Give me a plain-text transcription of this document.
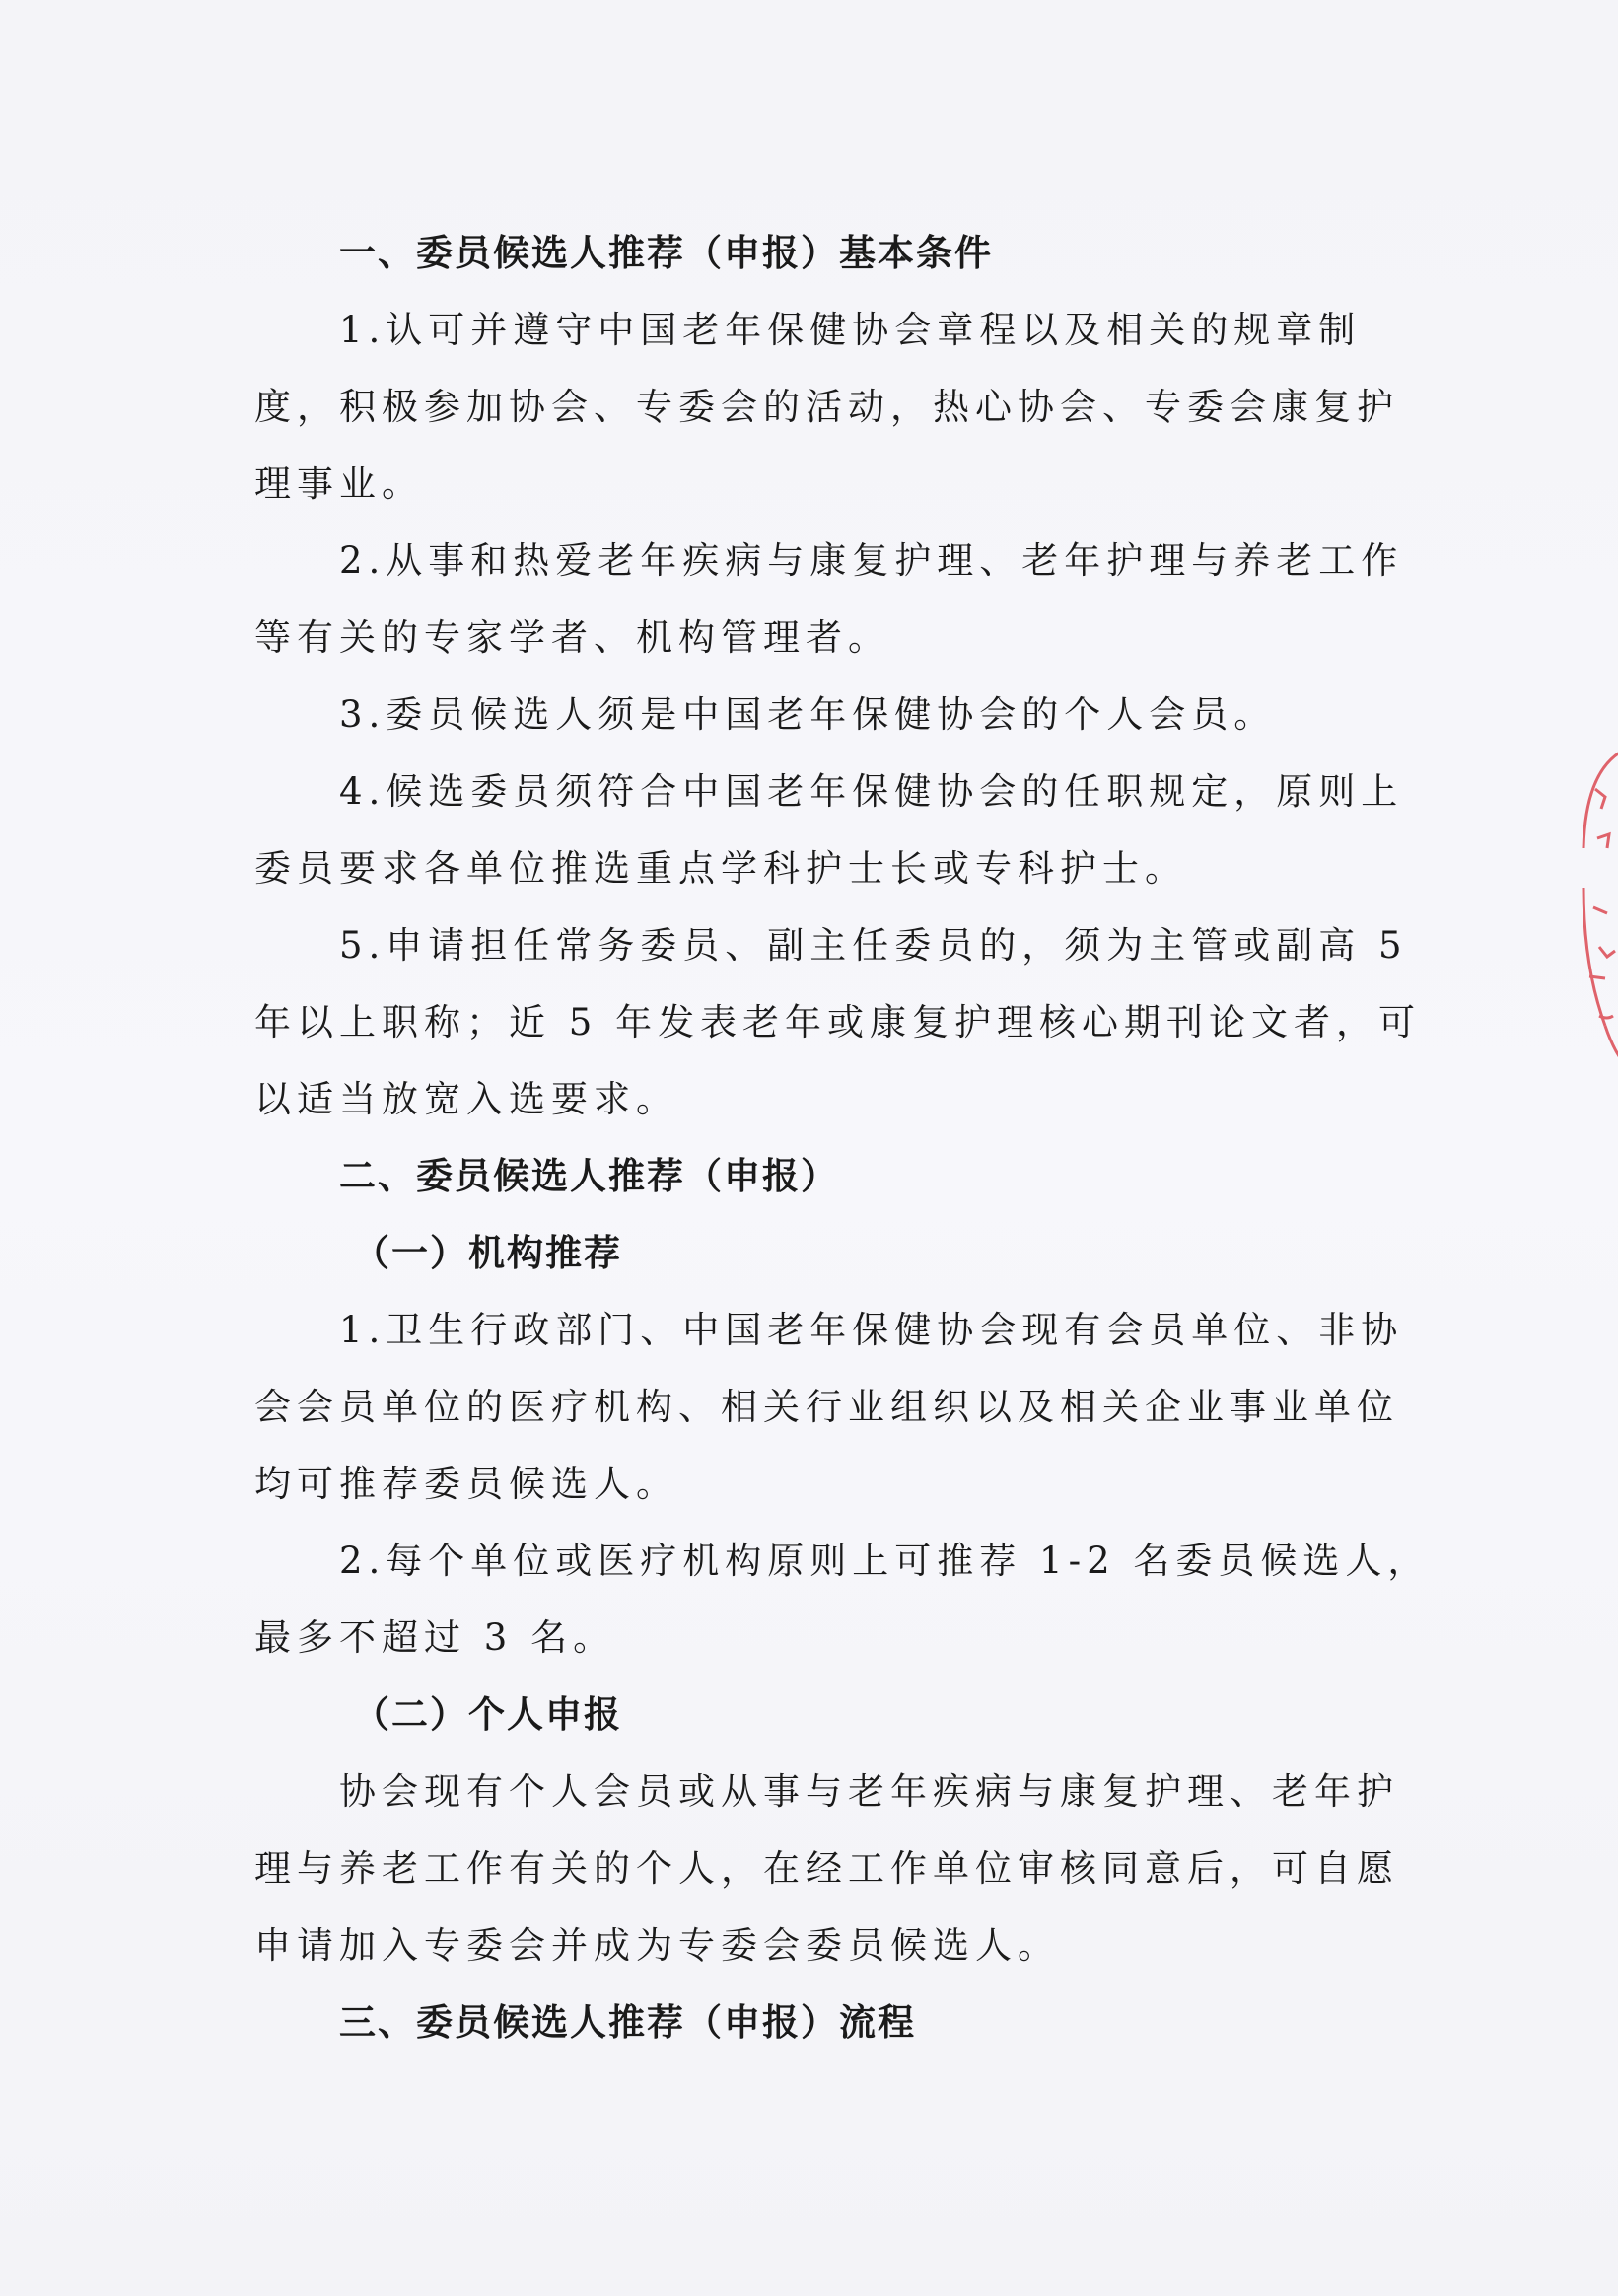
一、委员候选人推荐（申报）基本条件
1.认可并遵守中国老年保健协会章程以及相关的规章制
度，积极参加协会、专委会的活动，热心协会、专委会康复护
理事业。
2.从事和热爱老年疾病与康复护理、老年护理与养老工作
等有关的专家学者、机构管理者。
3.委员候选人须是中国老年保健协会的个人会员。
4.候选委员须符合中国老年保健协会的任职规定，原则上
委员要求各单位推选重点学科护士长或专科护士。
5.申请担任常务委员、副主任委员的，须为主管或副高 5
年以上职称；近 5 年发表老年或康复护理核心期刊论文者，可
以适当放宽入选要求。
二、委员候选人推荐（申报）
（一）机构推荐
1.卫生行政部门、中国老年保健协会现有会员单位、非协
会会员单位的医疗机构、相关行业组织以及相关企业事业单位
均可推荐委员候选人。
2.每个单位或医疗机构原则上可推荐 1-2 名委员候选人，
最多不超过 3 名。
（二）个人申报
协会现有个人会员或从事与老年疾病与康复护理、老年护
理与养老工作有关的个人，在经工作单位审核同意后，可自愿
申请加入专委会并成为专委会委员候选人。
三、委员候选人推荐（申报）流程
